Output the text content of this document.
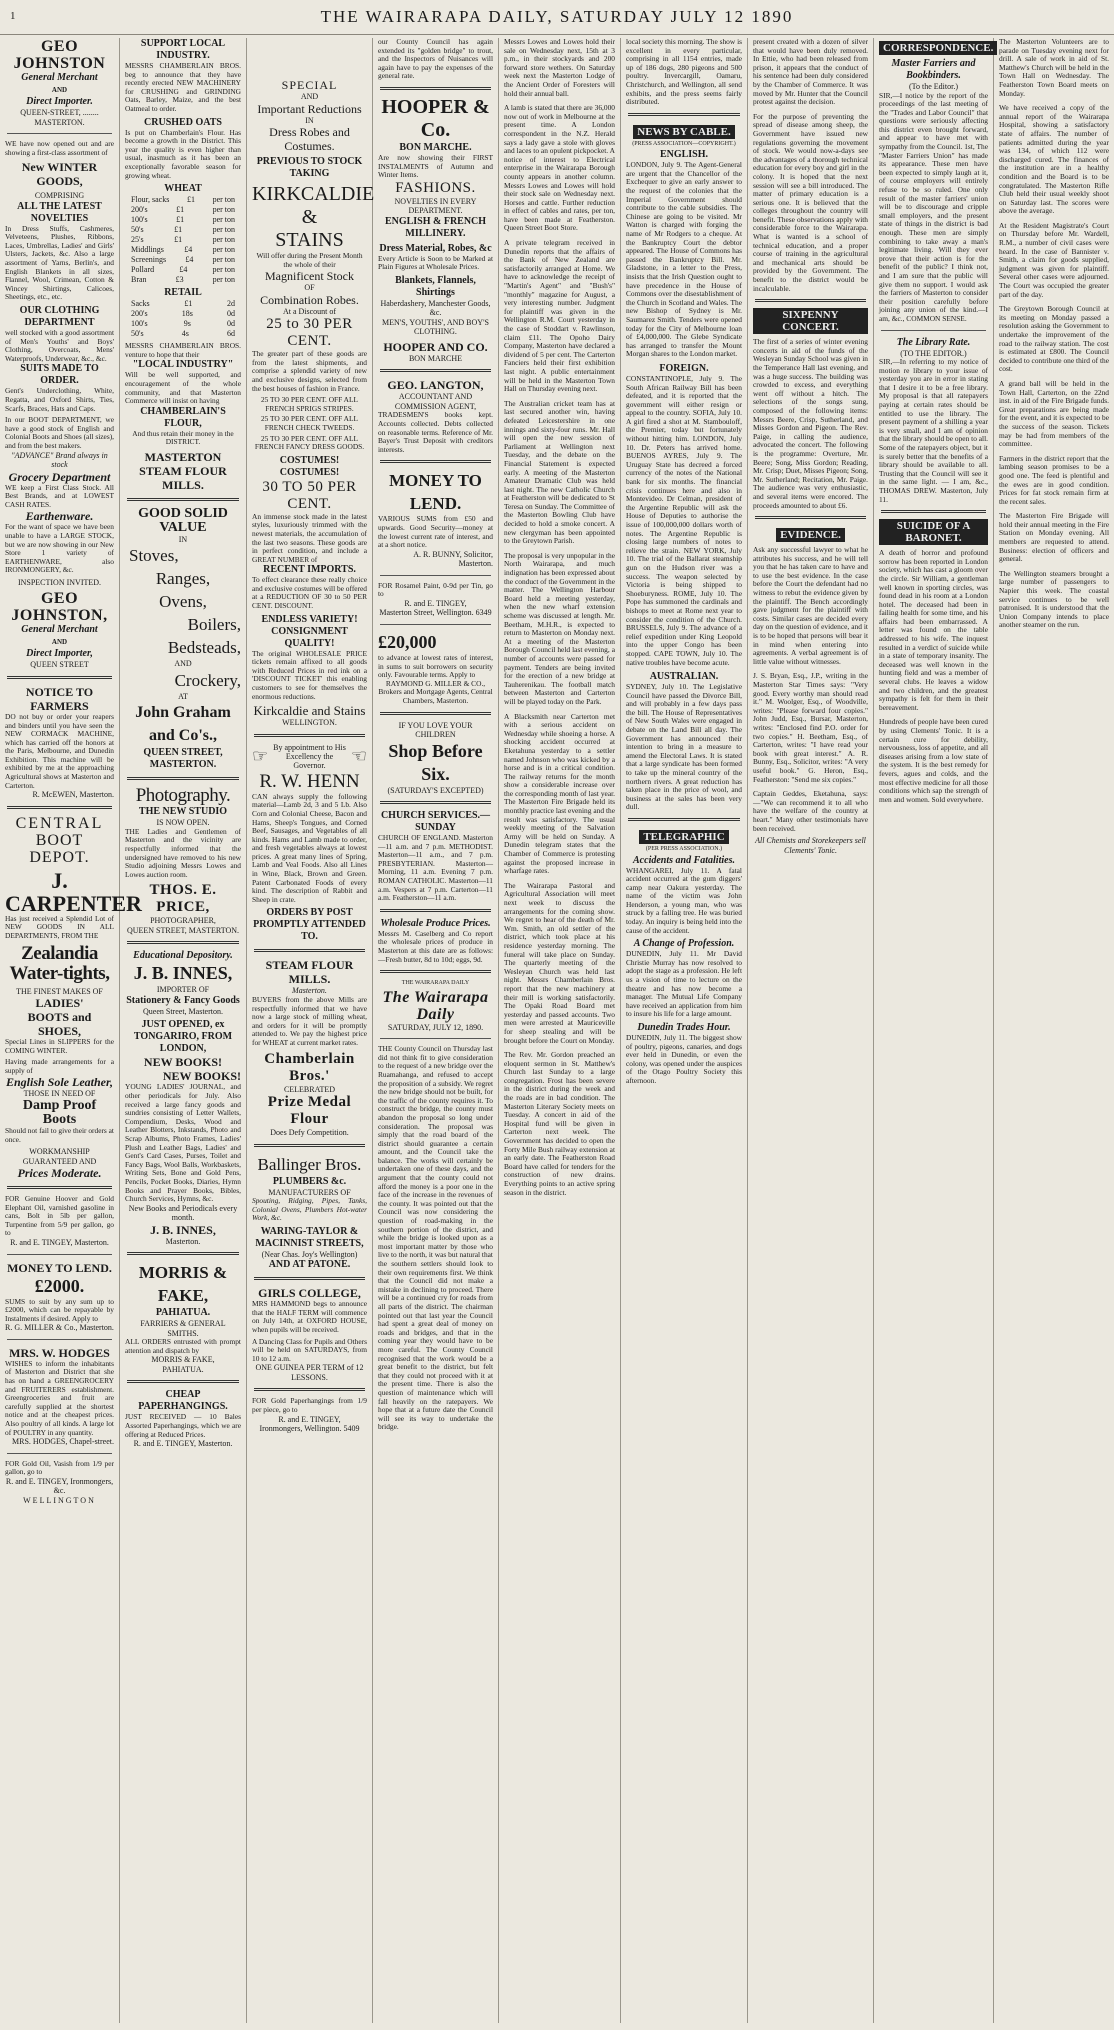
1	THE WAIRARAPA DAILY, SATURDAY JULY 12 1890
GEO JOHNSTON
General Merchant
AND
Direct Importer.
QUEEN-STREET, ........ MASTERTON.
WE have now opened out and are showing a first-class assortment of
New WINTER GOODS,
COMPRISING
ALL THE LATEST NOVELTIES
In Dress Stuffs, Cashmeres, Velveteens, Plushes, Ribbons, Laces, Umbrellas, Ladies' and Girls' Ulsters, Jackets, &c. Also a large assortment of Yarns, Berlin's, and English Blankets in all sizes, Flannel, Wool, Crimean, Cotton & Wincey Shirtings, Calicoes, Sheetings, etc., etc.
OUR CLOTHING DEPARTMENT
well stocked with a good assortment of Men's Youths' and Boys' Clothing, Overcoats, Mens' Waterproofs, Underwear, &c., &c.
SUITS MADE TO ORDER.
Gent's Underclothing, White, Regatta, and Oxford Shirts, Ties, Scarfs, Braces, Hats and Caps.
In our BOOT DEPARTMENT, we have a good stock of English and Colonial Boots and Shoes (all sizes), and from the best makers.
"ADVANCE" Brand always in stock
Grocery Department
WE keep a First Class Stock. All Best Brands, and at LOWEST CASH RATES.
Earthenware.
For the want of space we have been unable to have a LARGE STOCK, but we are now showing in our New Store 1 variety of EARTHENWARE, also IRONMONGERY, &c.
INSPECTION INVITED.
GEO JOHNSTON,
General Merchant
AND
Direct Importer,
QUEEN STREET
NOTICE TO FARMERS
DO not buy or order your reapers and binders until you have seen the NEW CORMACK MACHINE, which has carried off the honors at the Paris, Melbourne, and Dunedin Exhibition. This machine will be exhibited by me at the approaching Agricultural shows at Masterton and Carterton.
R. McEWEN, Masterton.
CENTRAL
BOOT DEPOT.
J. CARPENTER
Has just received a Splendid Lot of NEW GOODS IN ALL DEPARTMENTS, FROM THE
Zealandia Water-tights,
THE FINEST MAKES OF
LADIES'
BOOTS and SHOES,
Special Lines in SLIPPERS for the COMING WINTER.
Having made arrangements for a supply of
English Sole Leather,
THOSE IN NEED OF
Damp Proof Boots
Should not fail to give their orders at once.
WORKMANSHIP GUARANTEED AND
Prices Moderate.
FOR Genuine Hoover and Gold Elephant Oil, varnished gasoline in cans, Bolt in 5lb per gallon, Turpentine from 5/9 per gallon, go to
R. and E. TINGEY, Masterton.
MONEY TO LEND.
£2000.
SUMS to suit by any sum up to £2000, which can be repayable by Instalments if desired. Apply to
R. G. MILLER & Co., Masterton.
MRS. W. HODGES
WISHES to inform the inhabitants of Masterton and District that she has on hand a GREENGROCERY and FRUITERERS establishment. Greengroceries and fruit are carefully supplied at the shortest notice and at the cheapest prices. Also poultry of all kinds. A large lot of POULTRY in any quantity.
MRS. HODGES, Chapel-street.
FOR Gold Oil, Vasish from 1/9 per gallon, go to
R. and E. TINGEY, Ironmongers, &c.
WELLINGTON
SUPPORT LOCAL INDUSTRY.
MESSRS CHAMBERLAIN BROS. beg to announce that they have recently erected NEW MACHINERY for CRUSHING and GRINDING Oats, Barley, Maize, and the best Oatmeal to order.
CRUSHED OATS
Is put on Chamberlain's Flour. Has become a growth in the District. This year the quality is even higher than usual, inasmuch as it has been an exceptionally favorable season for growing wheat.
WHEAT
Flour, sacks £1 per ton
200's	£1	per ton
100's	£1	per ton
50's	£1	per ton
25's	£1	per ton
Middlings	£4	per ton
Screenings £4 per ton
Pollard	£4	per ton
Bran	£3	per ton
RETAIL
Sacks	£1	2d
200's	18s	0d
100's	9s	0d
50's	4s	6d
MESSRS CHAMBERLAIN BROS. venture to hope that their
"LOCAL INDUSTRY"
Will be well supported, and encouragement of the whole community, and that Masterton Commerce will insist on having
CHAMBERLAIN'S FLOUR,
And thus retain their money in the DISTRICT.
MASTERTON STEAM FLOUR MILLS.
GOOD SOLID VALUE
IN
Stoves,
Ranges,
Ovens,
Boilers,
Bedsteads,
AND
Crockery,
AT
John Graham and Co's.,
QUEEN STREET,
MASTERTON.
Photography.
THE NEW STUDIO
IS NOW OPEN.
THE Ladies and Gentlemen of Masterton and the vicinity are respectfully informed that the undersigned have removed to his new Studio adjoining Messrs Lowes and Lowes auction room.
THOS. E. PRICE,
PHOTOGRAPHER,
QUEEN STREET, MASTERTON.
Educational Depository.
J. B. INNES,
IMPORTER OF
Stationery & Fancy Goods
Queen Street, Masterton.
JUST OPENED, ex TONGARIRO, FROM LONDON,
NEW BOOKS!
NEW BOOKS!
YOUNG LADIES' JOURNAL, and other periodicals for July. Also received a large fancy goods and sundries consisting of Letter Wallets, Compendium, Desks, Wood and Leather Blotters, Inkstands, Photo and Scrap Albums, Photo Frames, Ladies' Plush and Leather Bags, Ladies' and Gent's Card Cases, Purses, Toilet and Fancy Bags, Wool Balls, Workbaskets, Writing Sets, Bone and Gold Pens, Pencils, Pocket Books, Diaries, Hymn Books and Prayer Books, Bibles, Church Services, Hymns, &c.
New Books and Periodicals every month.
J. B. INNES,
Masterton.
MORRIS & FAKE,
PAHIATUA.
FARRIERS & GENERAL SMITHS.
ALL ORDERS entrusted with prompt attention and dispatch by
MORRIS & FAKE,
PAHIATUA.
CHEAP PAPERHANGINGS.
JUST RECEIVED — 10 Bales Assorted Paperhangings, which we are offering at Reduced Prices.
R. and E. TINGEY, Masterton.
SPECIAL
AND
Important Reductions
IN
Dress Robes and Costumes.
PREVIOUS TO STOCK TAKING
KIRKCALDIE
&
STAINS
Will offer during the Present Month the whole of their
Magnificent Stock
OF
Combination Robes.
At a Discount of
25 to 30 PER CENT.
The greater part of these goods are from the latest shipments, and comprise a splendid variety of new and exclusive designs, selected from the best houses of fashion in France.
25 TO 30 PER CENT. OFF ALL FRENCH SPRIGS STRIPES.
25 TO 30 PER CENT. OFF ALL FRENCH CHECK TWEEDS.
25 TO 30 PER CENT. OFF ALL FRENCH FANCY DRESS GOODS.
COSTUMES! COSTUMES!
30 TO 50 PER CENT.
An immense stock made in the latest styles, luxuriously trimmed with the newest materials, the accumulation of the last two seasons. These goods are in perfect condition, and include a GREAT NUMBER of
RECENT IMPORTS.
To effect clearance these really choice and exclusive costumes will be offered at a REDUCTION OF 30 to 50 PER CENT. DISCOUNT.
ENDLESS VARIETY! CONSIGNMENT QUALITY!
The original WHOLESALE PRICE tickets remain affixed to all goods with Reduced Prices in red ink on a 'DISCOUNT TICKET' this enabling customers to see for themselves the enormous reductions.
Kirkcaldie and Stains
WELLINGTON.
☞ By appointment to His Excellency the Governor.	☜
R. W. HENN
CAN always supply the following material—Lamb 2d, 3 and 5 Lb. Also Corn and Colonial Cheese, Bacon and Hams, Sheep's Tongues, and Corned Beef, Sausages, and Vegetables of all kinds. Hams and Lamb made to order, and fresh vegetables always at lowest prices. A great many lines of Spring, Lamb and Veal Foods. Also all Lines in Wine, Black, Brown and Green. Patent Carbonated Foods of every kind. The description of Rabbit and Sheep in crate.
ORDERS BY POST PROMPTLY ATTENDED TO.
STEAM FLOUR MILLS.
Masterton.
BUYERS from the above Mills are respectfully informed that we have now a large stock of milling wheat, and orders for it will be promptly attended to. We pay the highest price for WHEAT at current market rates.
Chamberlain Bros.'
CELEBRATED
Prize Medal Flour
Does Defy Competition.
Ballinger Bros.
PLUMBERS &c.
MANUFACTURERS OF
Spouting, Ridging, Pipes, Tanks, Colonial Ovens, Plumbers Hot-water Work, &c.
WARING-TAYLOR & MACINNIST STREETS,
(Near Chas. Joy's Wellington)
AND AT PATONE.
GIRLS COLLEGE,
MRS HAMMOND begs to announce that the HALF TERM will commence on July 14th, at OXFORD HOUSE, when pupils will be received.
A Dancing Class for Pupils and Others will be held on SATURDAYS, from 10 to 12 a.m.
ONE GUINEA PER TERM of 12 LESSONS.
FOR Gold Paperhangings from 1/9 per piece, go to
R. and E. TINGEY,
Ironmongers, Wellington. 5409
our County Council has again extended its "golden bridge" to trout, and the Inspectors of Nuisances will again have to pay the expenses of the general rate.
HOOPER & Co.
BON MARCHE.
Are now showing their FIRST INSTALMENTS of Autumn and Winter Items.
FASHIONS.
NOVELTIES IN EVERY DEPARTMENT.
ENGLISH & FRENCH MILLINERY.
Dress Material, Robes, &c
Every Article is Soon to be Marked at Plain Figures at Wholesale Prices.
Blankets, Flannels, Shirtings
Haberdashery, Manchester Goods, &c.
MEN'S, YOUTHS', AND BOY'S CLOTHING.
HOOPER AND CO.
BON MARCHE
GEO. LANGTON,
ACCOUNTANT AND COMMISSION AGENT,
TRADESMEN'S books kept. Accounts collected. Debts collected on reasonable terms. Reference of Mr. Bayer's Trust Deposit with creditors interests.
MONEY TO LEND.
VARIOUS SUMS from £50 and upwards. Good Security—money at the lowest current rate of interest, and at a short notice.
A. R. BUNNY, Solicitor, Masterton.
FOR Rosamel Paint, 0-9d per Tin, go to
R. and E. TINGEY,
Masterton Street, Wellington. 6349
£20,000
to advance at lowest rates of interest, in sums to suit borrowers on security only. Favourable terms. Apply to
RAYMOND G. MILLER & CO., Brokers and Mortgage Agents, Central Chambers, Masterton.
IF YOU LOVE YOUR CHILDREN
Shop Before Six.
(SATURDAY'S EXCEPTED)
CHURCH SERVICES.—SUNDAY
CHURCH OF ENGLAND. Masterton—11 a.m. and 7 p.m. METHODIST. Masterton—11 a.m., and 7 p.m. PRESBYTERIAN. Masterton—Morning, 11 a.m. Evening 7 p.m. ROMAN CATHOLIC. Masterton—11 a.m. Vespers at 7 p.m. Carterton—11 a.m. Featherston—11 a.m.
Wholesale Produce Prices.
Messrs M. Caselberg and Co report the wholesale prices of produce in Masterton at this date are as follows:—Fresh butter, 8d to 10d; eggs, 9d.
THE WAIRARAPA DAILY
The Wairarapa Daily
SATURDAY, JULY 12, 1890.
THE County Council on Thursday last did not think fit to give consideration to the request of a new bridge over the Ruamahanga, and refused to accept the proposition of a subsidy. We regret the new bridge should not be built, for the traffic of the county requires it. To construct the bridge, the county must abandon the proposal so long under consideration. The proposal was simply that the road board of the district should guarantee a certain amount, and the Council take the balance. The works will certainly be undertaken one of these days, and the argument that the county could not afford the money is a poor one in the face of the increase in the revenues of the county. It was pointed out that the Council was now considering the question of road-making in the southern portion of the district, and while the bridge is looked upon as a most important matter by those who live to the north, it was but natural that the southern settlers should look to their own requirements first. We think that the Council did not make a mistake in declining to proceed. There will be a continued cry for roads from all parts of the district. The chairman pointed out that last year the Council had spent a great deal of money on roads and bridges, and that in the coming year they would have to be more careful. The County Council recognised that the work would be a great benefit to the district, but felt that they could not proceed with it at the present time. There is also the question of maintenance which will fall heavily on the ratepayers. We hope that at a future date the Council will see its way to undertake the bridge.
Messrs Lowes and Lowes hold their sale on Wednesday next, 15th at 3 p.m., in their stockyards and 200 forward store wethers. On Saturday week next the Masterton Lodge of the Ancient Order of Foresters will hold their annual ball.
A lamb is stated that there are 36,000 now out of work in Melbourne at the present time. A London correspondent in the N.Z. Herald says a lady gave a stole with gloves and laces to an opulent pickpocket. A notice of interest to Electrical enterprise in the Wairarapa Borough county appears in another column. Messrs Lowes and Lowes will hold their stock sale on Wednesday next. Horses and cattle. Further reduction in effect of cables and rates, per ton, have been made at Featherston. Queen Street Boot Store.
A private telegram received in Dunedin reports that the affairs of the Bank of New Zealand are satisfactorily arranged at Home. We have to acknowledge the receipt of "Martin's Agent" and "Bush's" "monthly" magazine for August, a very interesting number. Judgment for plaintiff was given in the Wellington R.M. Court yesterday in the case of Stoddart v. Rawlinson, claim £11. The Opoho Dairy Company, Masterton have declared a dividend of 5 per cent. The Carterton Fanciers held their first exhibition last night. A public entertainment will be held in the Masterton Town Hall on Thursday evening next.
The Australian cricket team has at last secured another win, having defeated Leicestershire in one innings and sixty-four runs. Mr. Hall will open the new session of Parliament at Wellington next Tuesday, and the debate on the Financial Statement is expected early. A meeting of the Masterton Amateur Dramatic Club was held last night. The new Catholic Church at Featherston will be dedicated to St Teresa on Sunday. The Committee of the Masterton Bowling Club have decided to hold a smoke concert. A new clergyman has been appointed to the Greytown Parish.
The proposal is very unpopular in the North Wairarapa, and much indignation has been expressed about the conduct of the Government in the matter. The Wellington Harbour Board held a meeting yesterday, when the new wharf extension scheme was discussed at length. Mr. Beetham, M.H.R., is expected to return to Masterton on Monday next. At a meeting of the Masterton Borough Council held last evening, a number of accounts were passed for payment. Tenders are being invited for the erection of a new bridge at Tauherenikau. The football match between Masterton and Carterton will be played today on the Park.
A Blacksmith near Carterton met with a serious accident on Wednesday while shoeing a horse. A shocking accident occurred at Eketahuna yesterday to a settler named Johnson who was kicked by a horse and is in a critical condition. The railway returns for the month show a considerable increase over the corresponding month of last year. The Masterton Fire Brigade held its monthly practice last evening and the result was satisfactory. The usual weekly meeting of the Salvation Army will be held on Sunday. A Dunedin telegram states that the Chamber of Commerce is protesting against the proposed increase in wharfage rates.
The Wairarapa Pastoral and Agricultural Association will meet next week to discuss the arrangements for the coming show. We regret to hear of the death of Mr. Wm. Smith, an old settler of the district, which took place at his residence yesterday morning. The funeral will take place on Sunday. The quarterly meeting of the Wesleyan Church was held last night. Messrs Chamberlain Bros. report that the new machinery at their mill is working satisfactorily. The Opaki Road Board met yesterday and passed accounts. Two men were arrested at Mauriceville for sheep stealing and will be brought before the Court on Monday.
The Rev. Mr. Gordon preached an eloquent sermon in St. Matthew's Church last Sunday to a large congregation. Frost has been severe in the district during the week and the roads are in bad condition. The Masterton Literary Society meets on Tuesday. A concert in aid of the Hospital fund will be given in Carterton next week. The Government has decided to open the Forty Mile Bush railway extension at an early date. The Featherston Road Board have called for tenders for the construction of new drains. Everything points to an active spring season in the district.
local society this morning. The show is excellent in every particular, comprising in all 1154 entries, made up of 186 dogs, 280 pigeons and 500 poultry. Invercargill, Oamaru, Christchurch, and Wellington, all send exhibits, and the press seems fairly distributed.
NEWS BY CABLE.
(PRESS ASSOCIATION—COPYRIGHT.)
ENGLISH.
LONDON, July 9. The Agent-General are urgent that the Chancellor of the Exchequer to give an early answer to the request of the colonies that the Imperial Government should contribute to the cable subsidies. The Chinese are going to be visited. Mr Watton is charged with forging the name of Mr Rodgers to a cheque. At the Bankruptcy Court the debtor appeared. The House of Commons has passed the Bankruptcy Bill. Mr. Gladstone, in a letter to the Press, insists that the Irish Question ought to have precedence in the House of Commons over the disestablishment of the Church in Scotland and Wales. The new Bishop of Sydney is Mr. Saumarez Smith. Tenders were opened today for the City of Melbourne loan of £4,000,000. The Glebe Syndicate has arranged to transfer the Mount Morgan shares to the London market.
FOREIGN.
CONSTANTINOPLE, July 9. The South African Railway Bill has been defeated, and it is reported that the government will either resign or appeal to the country. SOFIA, July 10. A girl fired a shot at M. Stambouloff, the Premier, today but fortunately without hitting him. LONDON, July 10. Dr. Peters has arrived home. BUENOS AYRES, July 9. The Uruguay State has decreed a forced currency of the notes of the National bank for six months. The financial crisis continues here and also in Montevideo. Dr Celman, president of the Argentine Republic will ask the House of Deputies to authorise the issue of 100,000,000 dollars worth of notes. The Argentine Republic is closing large numbers of notes to relieve the strain. NEW YORK, July 10. The trial of the Ballarat steamship gun on the Hudson river was a success. The weapon selected by Victoria is being shipped to Shoeburyness. ROME, July 10. The Pope has summoned the cardinals and bishops to meet at Rome next year to consider the condition of the Church. BRUSSELS, July 9. The advance of a relief expedition under King Leopold into the upper Congo has been stopped. CAPE TOWN, July 10. The native troubles have become acute.
AUSTRALIAN.
SYDNEY, July 10. The Legislative Council have passed the Divorce Bill, and will probably in a few days pass the bill. The House of Representatives of New South Wales were engaged in debate on the Land Bill all day. The Government has announced their intention to bring in a measure to amend the Electoral Laws. It is stated that a large syndicate has been formed to take up the mineral country of the northern rivers. A great reduction has taken place in the price of wool, and business at the sales has been very dull.
TELEGRAPHIC
(PER PRESS ASSOCIATION.)
Accidents and Fatalities.
WHANGAREI, July 11. A fatal accident occurred at the gum diggers' camp near Oakura yesterday. The name of the victim was John Henderson, a young man, who was struck by a falling tree. He was buried today. An inquiry is being held into the cause of the accident.
A Change of Profession.
DUNEDIN, July 11. Mr David Christie Murray has now resolved to adopt the stage as a profession. He left us a vision of time to lecture on the theatre and has now become a manager. The Mutual Life Company have received an application from him to insure his life for a large amount.
Dunedin Trades Hour.
DUNEDIN, July 11. The biggest show of poultry, pigeons, canaries, and dogs ever held in Dunedin, or even the colony, was opened under the auspices of the Otago Poultry Society this afternoon.
present created with a dozen of silver that would have been duly removed. In Ettie, who had been released from prison, it appears that the conduct of his sentence had been duly considered by the Chamber of Commerce. It was moved by Mr. Hunter that the Council protest against the decision.
For the purpose of preventing the spread of disease among sheep, the Government have issued new regulations governing the movement of stock. We would now-a-days see the advantages of a thorough technical education for every boy and girl in the colony. It is hoped that the next session will see a bill introduced. The matter of primary education is a serious one. It is believed that the colleges throughout the country will benefit. These observations apply with considerable force to the Wairarapa. What is wanted is a school of technical education, and a proper course of training in the agricultural and mechanical arts should be provided by the Government. The benefit to the district would be incalculable.
SIXPENNY CONCERT.
The first of a series of winter evening concerts in aid of the funds of the Wesleyan Sunday School was given in the Temperance Hall last evening, and was a huge success. The building was crowded to excess, and everything went off without a hitch. The selections of the songs sung, composed of the following items: Messrs Beere, Crisp, Sutherland, and Misses Gordon and Pigeon. The Rev. Paige, in calling the audience, advocated the concert. The following is the programme: Overture, Mr. Beere; Song, Miss Gordon; Reading, Mr. Crisp; Duet, Misses Pigeon; Song, Mr. Sutherland; Recitation, Mr. Paige. The audience was very enthusiastic, and several items were encored. The proceeds amounted to about £6.
EVIDENCE.
Ask any successful lawyer to what he attributes his success, and he will tell you that he has taken care to have and to use the best evidence. In the case before the Court the defendant had no witness to rebut the evidence given by the plaintiff. The Bench accordingly gave judgment for the plaintiff with costs. Similar cases are decided every day on the question of evidence, and it is to be hoped that persons will bear it in mind when entering into agreements. A verbal agreement is of little value without witnesses.
J. S. Bryan, Esq., J.P., writing in the Masterton Star Times says: "Very good. Every worthy man should read it." M. Woolger, Esq., of Woodville, writes: "Please forward four copies." John Judd, Esq., Bursar, Masterton, writes: "Enclosed find P.O. order for two copies." H. Beetham, Esq., of Carterton, writes: "I have read your book with great interest." A. R. Bunny, Esq., Solicitor, writes: "A very useful book." G. Heron, Esq., Featherston: "Send me six copies."
Captain Geddes, Eketahuna, says:—"We can recommend it to all who have the welfare of the country at heart." Many other testimonials have been received.
All Chemists and Storekeepers sell Clements' Tonic.
CORRESPONDENCE.
Master Farriers and Bookbinders.
(To the Editor.)
SIR,—I notice by the report of the proceedings of the last meeting of the "Trades and Labor Council" that questions were seriously affecting this district even brought forward, and appear to have met with sympathy from the Council. 1st, The "Master Farriers Union" has made its appearance. These men have been expected to simply laugh at it, of course employers will entirely refuse to be so ruled. One only result of the master farriers' union will be to discourage and cripple small employers, and the present state of things in the district is bad enough. These men are simply combining to take away a man's legitimate living. Will they ever prove that their action is for the benefit of the public? I think not, and I am sure that the public will give them no support. I would ask the farriers of Masterton to consider their position carefully before joining any union of the kind.—I am, &c., COMMON SENSE.
The Library Rate.
(TO THE EDITOR.)
SIR,—In referring to my notice of motion re library to your issue of yesterday you are in error in stating that I desire it to be a free library. My proposal is that all ratepayers paying at certain rates should be entitled to use the library. The present payment of a shilling a year is very small, and I am of opinion that the library should be open to all. Some of the ratepayers object, but it is surely better that the benefits of a library should be available to all. Trusting that the Council will see it in the same light. — I am, &c., THOMAS DREW. Masterton, July 11.
SUICIDE OF A BARONET.
A death of horror and profound sorrow has been reported in London society, which has cast a gloom over the circle. Sir William, a gentleman well known in sporting circles, was found dead in his room at a London hotel. The deceased had been in failing health for some time, and his affairs had been embarrassed. A letter was found on the table addressed to his wife. The inquest resulted in a verdict of suicide while in a state of temporary insanity. The deceased was well known in the hunting field and was a member of several clubs. He leaves a widow and two children, and the greatest sympathy is felt for them in their bereavement.
Hundreds of people have been cured by using Clements' Tonic. It is a certain cure for debility, nervousness, loss of appetite, and all diseases arising from a low state of the system. It is the best remedy for fevers, agues and colds, and the most effective medicine for all those conditions which sap the strength of men and women. Sold everywhere.
The Masterton Volunteers are to parade on Tuesday evening next for drill. A sale of work in aid of St. Matthew's Church will be held in the Town Hall on Wednesday. The Featherston Town Board meets on Monday.
We have received a copy of the annual report of the Wairarapa Hospital, showing a satisfactory state of affairs. The number of patients admitted during the year was 134, of which 112 were discharged cured. The finances of the institution are in a healthy condition and the Board is to be congratulated. The Masterton Rifle Club held their usual weekly shoot on Saturday last. The scores were above the average.
At the Resident Magistrate's Court on Thursday before Mr. Wardell, R.M., a number of civil cases were heard. In the case of Bannister v. Smith, a claim for goods supplied, judgment was given for plaintiff. Several other cases were adjourned. The Court was occupied the greater part of the day.
The Greytown Borough Council at its meeting on Monday passed a resolution asking the Government to undertake the improvement of the road to the railway station. The cost is estimated at £800. The Council decided to contribute one third of the cost.
A grand ball will be held in the Town Hall, Carterton, on the 22nd inst. in aid of the Fire Brigade funds. Great preparations are being made for the event, and it is expected to be the success of the season. Tickets may be had from members of the committee.
Farmers in the district report that the lambing season promises to be a good one. The feed is plentiful and the ewes are in good condition. Prices for fat stock remain firm at the recent sales.
The Masterton Fire Brigade will hold their annual meeting in the Fire Station on Monday evening. All members are requested to attend. Business: election of officers and general.
The Wellington steamers brought a large number of passengers to Napier this week. The coastal service continues to be well patronised. It is understood that the Union Company intends to place another steamer on the run.
